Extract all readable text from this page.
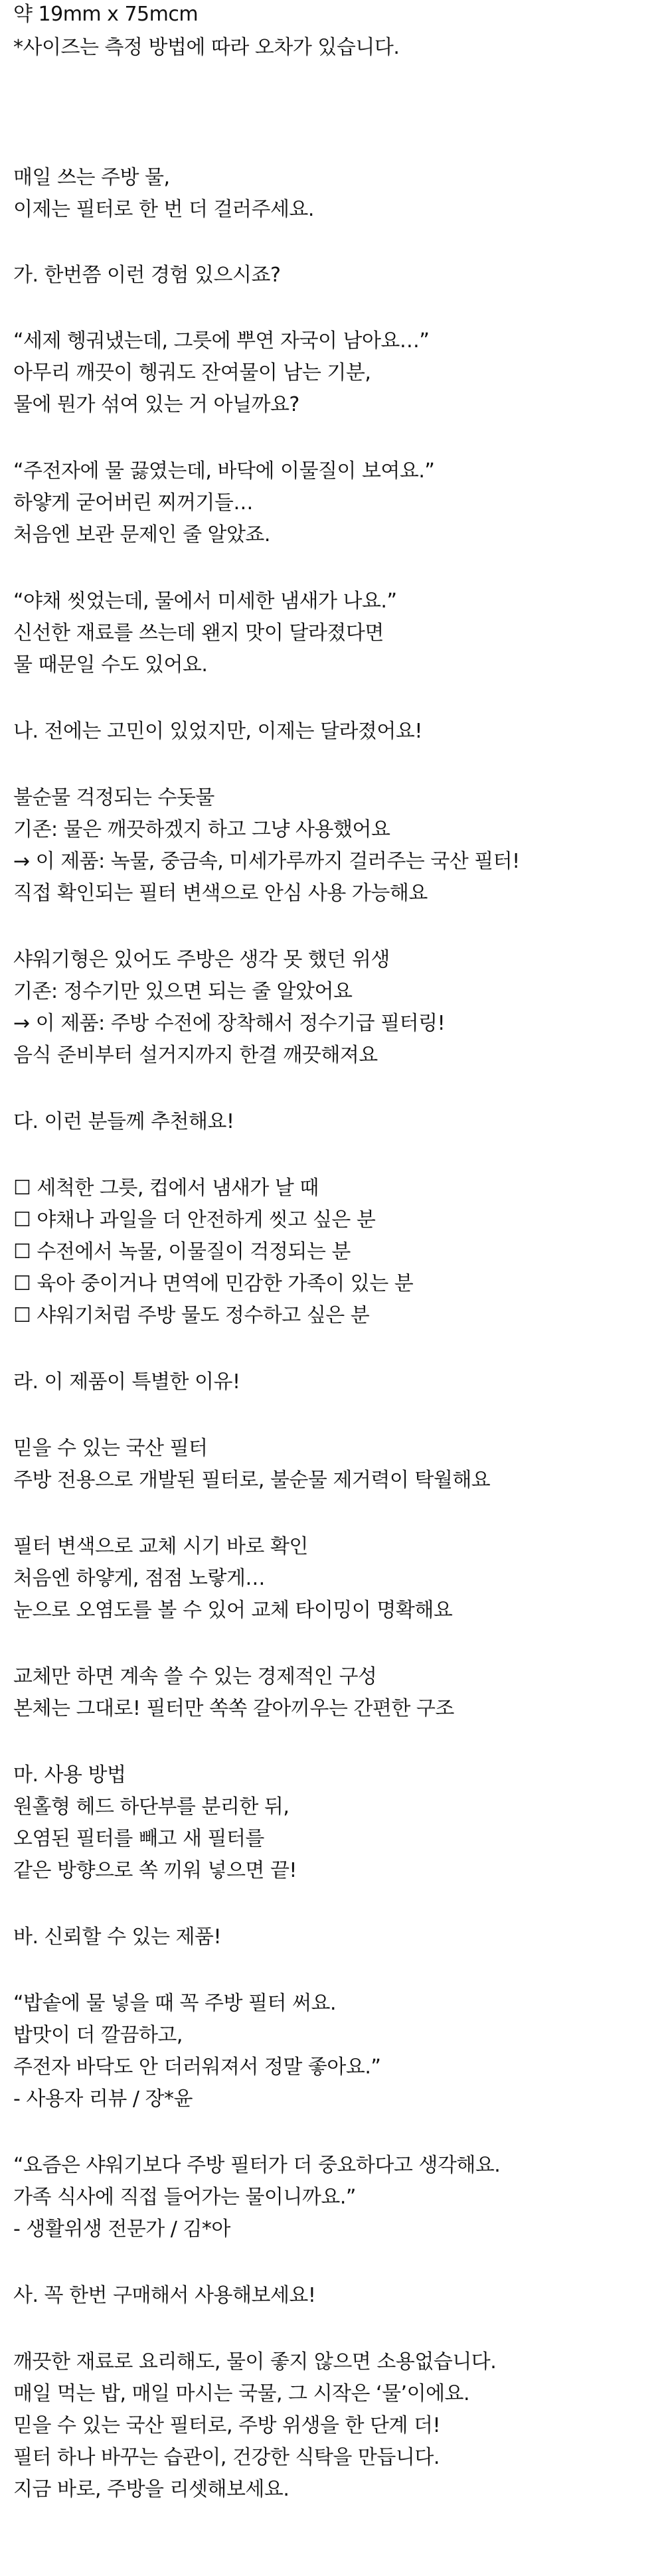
약 19mm x 75mcm
*사이즈는 측정 방법에 따라 오차가 있습니다.
매일 쓰는 주방 물,
이제는 필터로 한 번 더 걸러주세요.
가. 한번쯤 이런 경험 있으시죠?
“세제 헹궈냈는데, 그릇에 뿌연 자국이 남아요…”
아무리 깨끗이 헹궈도 잔여물이 남는 기분,
물에 뭔가 섞여 있는 거 아닐까요?
“주전자에 물 끓였는데, 바닥에 이물질이 보여요.”
하얗게 굳어버린 찌꺼기들…
처음엔 보관 문제인 줄 알았죠.
“야채 씻었는데, 물에서 미세한 냄새가 나요.”
신선한 재료를 쓰는데 왠지 맛이 달라졌다면
물 때문일 수도 있어요.
나. 전에는 고민이 있었지만, 이제는 달라졌어요!
불순물 걱정되는 수돗물
기존: 물은 깨끗하겠지 하고 그냥 사용했어요
→ 이 제품: 녹물, 중금속, 미세가루까지 걸러주는 국산 필터!
직접 확인되는 필터 변색으로 안심 사용 가능해요
샤워기형은 있어도 주방은 생각 못 했던 위생
기존: 정수기만 있으면 되는 줄 알았어요
→ 이 제품: 주방 수전에 장착해서 정수기급 필터링!
음식 준비부터 설거지까지 한결 깨끗해져요
다. 이런 분들께 추천해요!
☐ 세척한 그릇, 컵에서 냄새가 날 때
☐ 야채나 과일을 더 안전하게 씻고 싶은 분
☐ 수전에서 녹물, 이물질이 걱정되는 분
☐ 육아 중이거나 면역에 민감한 가족이 있는 분
☐ 샤워기처럼 주방 물도 정수하고 싶은 분
라. 이 제품이 특별한 이유!
믿을 수 있는 국산 필터
주방 전용으로 개발된 필터로, 불순물 제거력이 탁월해요
필터 변색으로 교체 시기 바로 확인
처음엔 하얗게, 점점 노랗게…
눈으로 오염도를 볼 수 있어 교체 타이밍이 명확해요
교체만 하면 계속 쓸 수 있는 경제적인 구성
본체는 그대로! 필터만 쏙쏙 갈아끼우는 간편한 구조
마. 사용 방법
원홀형 헤드 하단부를 분리한 뒤,
오염된 필터를 빼고 새 필터를
같은 방향으로 쏙 끼워 넣으면 끝!
바. 신뢰할 수 있는 제품!
“밥솥에 물 넣을 때 꼭 주방 필터 써요.
밥맛이 더 깔끔하고,
주전자 바닥도 안 더러워져서 정말 좋아요.”
- 사용자 리뷰 / 장*윤
“요즘은 샤워기보다 주방 필터가 더 중요하다고 생각해요.
가족 식사에 직접 들어가는 물이니까요.”
- 생활위생 전문가 / 김*아
사. 꼭 한번 구매해서 사용해보세요!
깨끗한 재료로 요리해도, 물이 좋지 않으면 소용없습니다.
매일 먹는 밥, 매일 마시는 국물, 그 시작은 ‘물’이에요.
믿을 수 있는 국산 필터로, 주방 위생을 한 단계 더!
필터 하나 바꾸는 습관이, 건강한 식탁을 만듭니다.
지금 바로, 주방을 리셋해보세요.
